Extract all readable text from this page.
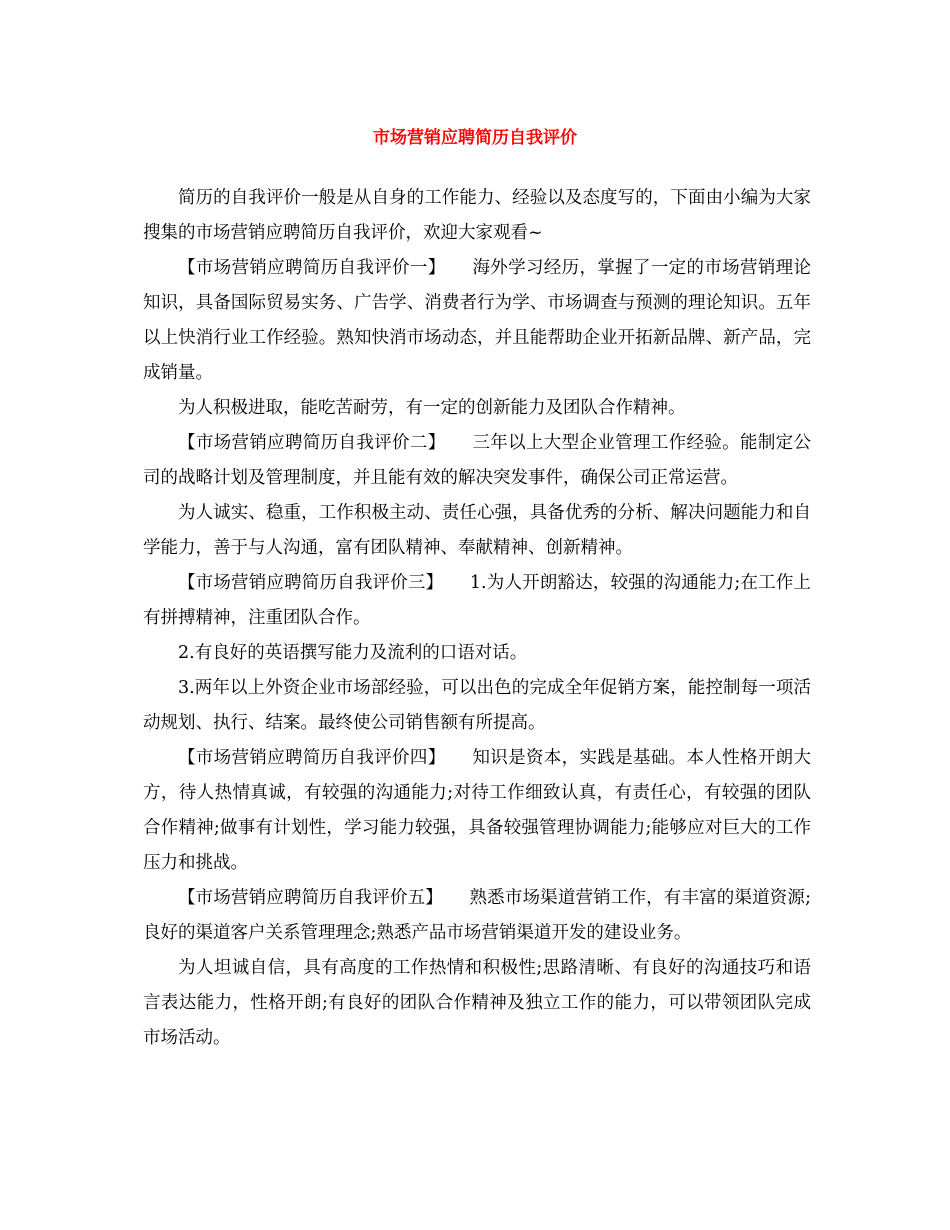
市场营销应聘简历自我评价

简历的自我评价一般是从自身的工作能力、经验以及态度写的，下面由小编为大家搜集的市场营销应聘简历自我评价，欢迎大家观看~

【市场营销应聘简历自我评价一】　　 海外学习经历，掌握了一定的市场营销理论知识，具备国际贸易实务、广告学、消费者行为学、市场调查与预测的理论知识。五年以上快消行业工作经验。熟知快消市场动态，并且能帮助企业开拓新品牌、新产品，完成销量。

为人积极进取，能吃苦耐劳，有一定的创新能力及团队合作精神。

【市场营销应聘简历自我评价二】　　 三年以上大型企业管理工作经验。能制定公司的战略计划及管理制度，并且能有效的解决突发事件，确保公司正常运营。

为人诚实、稳重，工作积极主动、责任心强，具备优秀的分析、解决问题能力和自学能力，善于与人沟通，富有团队精神、奉献精神、创新精神。

【市场营销应聘简历自我评价三】　　 1.为人开朗豁达，较强的沟通能力;在工作上有拼搏精神，注重团队合作。

2.有良好的英语撰写能力及流利的口语对话。

3.两年以上外资企业市场部经验，可以出色的完成全年促销方案，能控制每一项活动规划、执行、结案。最终使公司销售额有所提高。

【市场营销应聘简历自我评价四】　　 知识是资本，实践是基础。本人性格开朗大方，待人热情真诚，有较强的沟通能力;对待工作细致认真，有责任心，有较强的团队合作精神;做事有计划性，学习能力较强，具备较强管理协调能力;能够应对巨大的工作压力和挑战。

【市场营销应聘简历自我评价五】　　 熟悉市场渠道营销工作，有丰富的渠道资源;良好的渠道客户关系管理理念;熟悉产品市场营销渠道开发的建设业务。

为人坦诚自信，具有高度的工作热情和积极性;思路清晰、有良好的沟通技巧和语言表达能力，性格开朗;有良好的团队合作精神及独立工作的能力，可以带领团队完成市场活动。
